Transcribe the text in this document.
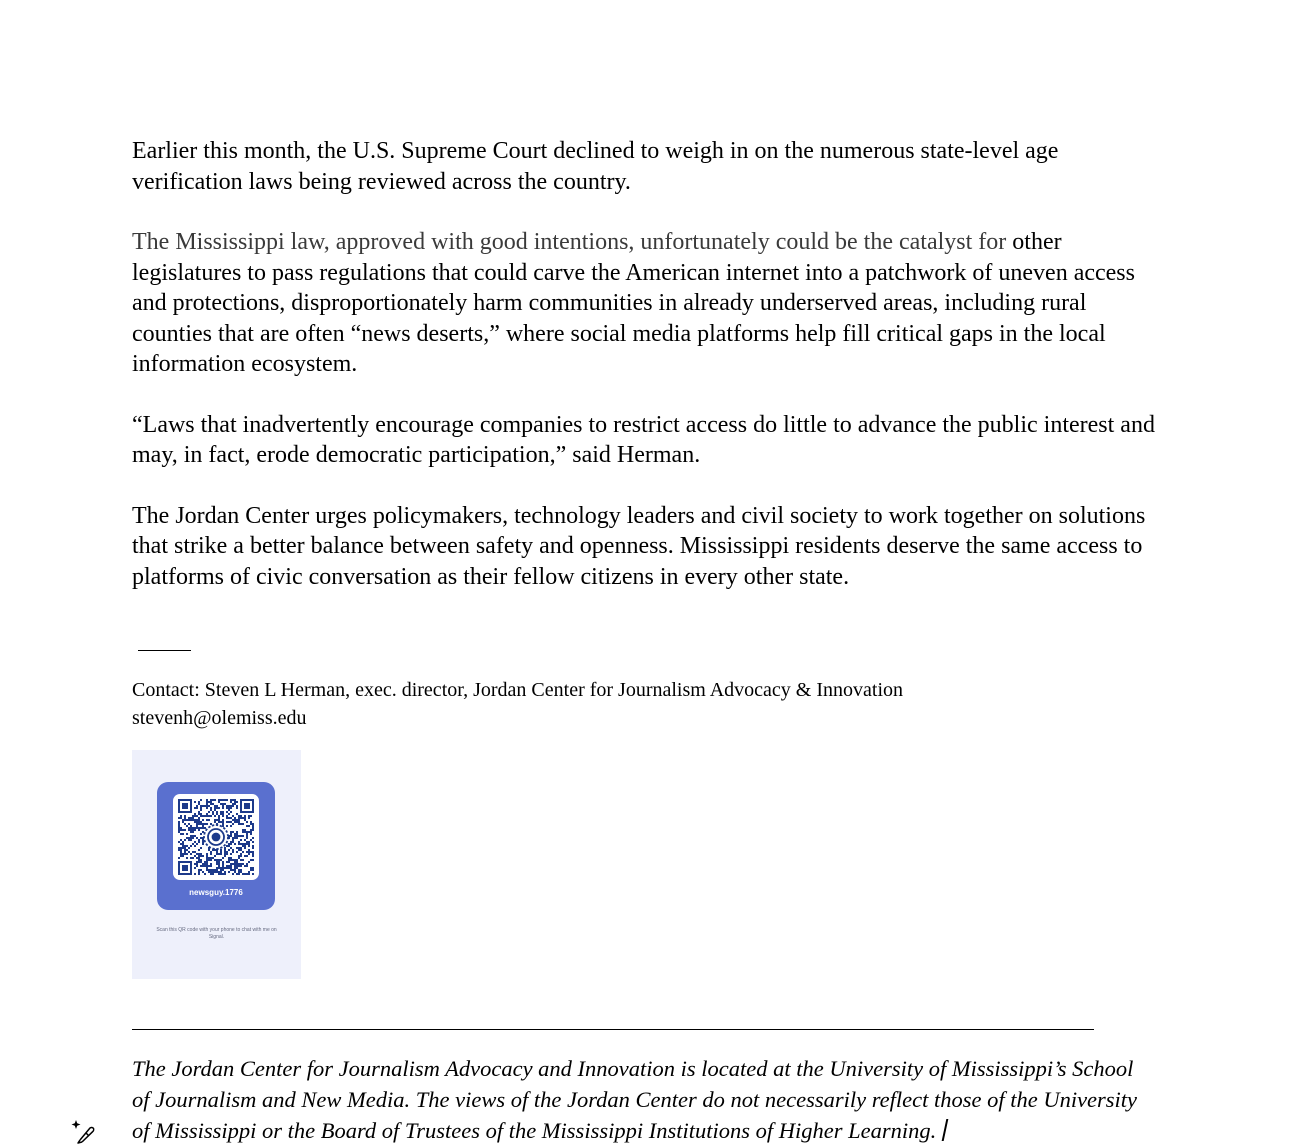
Earlier this month, the U.S. Supreme Court declined to weigh in on the numerous state-level age verification laws being reviewed across the country.

The Mississippi law, approved with good intentions, unfortunately could be the catalyst for other legislatures to pass regulations that could carve the American internet into a patchwork of uneven access and protections, disproportionately harm communities in already underserved areas, including rural counties that are often “news deserts,” where social media platforms help fill critical gaps in the local information ecosystem.

“Laws that inadvertently encourage companies to restrict access do little to advance the public interest and may, in fact, erode democratic participation,” said Herman.

The Jordan Center urges policymakers, technology leaders and civil society to work together on solutions that strike a better balance between safety and openness. Mississippi residents deserve the same access to platforms of civic conversation as their fellow citizens in every other state.

Contact: Steven L Herman, exec. director, Jordan Center for Journalism Advocacy & Innovation
stevenh@olemiss.edu
newsguy.1776
Scan this QR code with your phone to chat with me on Signal.
The Jordan Center for Journalism Advocacy and Innovation is located at the University of Mississippi’s School of Journalism and New Media. The views of the Jordan Center do not necessarily reflect those of the University of Mississippi or the Board of Trustees of the Mississippi Institutions of Higher Learning.
